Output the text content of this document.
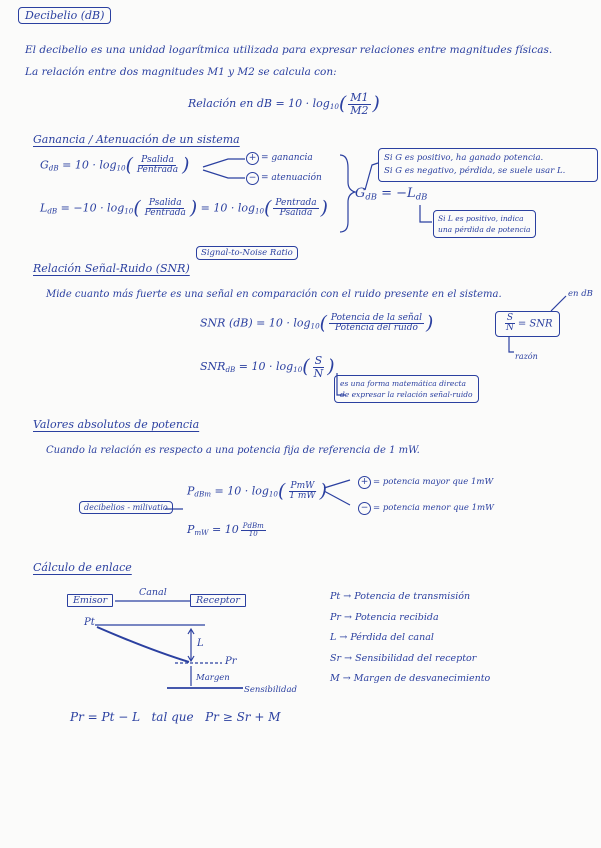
Decibelio (dB)
El decibelio es una unidad logarítmica utilizada para expresar relaciones entre magnitudes físicas.
La relación entre dos magnitudes M1 y M2 se calcula con:
Relación en dB = $10 \cdot \log_{10}( \frac{M1}{M2}$ )
Ganancia / Atenuación de un sistema
$G_{dB} = 10 \cdot \log_{10}( \frac{\text{Psalida}}{\text{Pentrada}}$ )	+ = ganancia
− = atenuación
$L_{dB} = -10 \cdot \log_{10}( \frac{\text{Psalida}}{\text{Pentrada}}$ ) = $10 \cdot \log_{10}( \frac{\text{Pentrada}}{\text{Psalida}}$ )
$G_{dB} = -L_{dB}$
Si G es positivo, ha ganado potencia.
Si G es negativo, pérdida, se suele usar L.
Si L es positivo, indica
una pérdida de potencia
Signal-to-Noise Ratio
Relación Señal-Ruido (SNR)
Mide cuanto más fuerte es una señal en comparación con el ruido presente en el sistema.
SNR $(dB) = 10 \cdot \log_{10}( \frac{\text{Potencia de la señal}}{\text{Potencia del ruido}}$ )
$SNR_{dB} = 10 \cdot \log_{10}( \frac{S}{N}$ )
es una forma matemática directa
de expresar la relación señal-ruido
$\frac{S}{N}$ = SNR
en dB
razón
Valores absolutos de potencia
Cuando la relación es respecto a una potencia fija de referencia de 1 mW.
$P_{dBm} = 10 \cdot \log_{10}( \frac{\text{PmW}}{1 mW}$ )	+ = potencia mayor que 1mW
− = potencia menor que 1mW
decibelios - milivatio
$P_{mW} = 10 \frac{\text{PdBm}}{10}$
Cálculo de enlace
Emisor
Canal
Receptor
Pt
L
Pr
Margen
Sensibilidad
Pt → Potencia de transmisión
Pr → Potencia recibida
L → Pérdida del canal
Sr → Sensibilidad del receptor
M → Margen de desvanecimiento
Pr = Pt − L   tal que   Pr ≥ Sr + M
